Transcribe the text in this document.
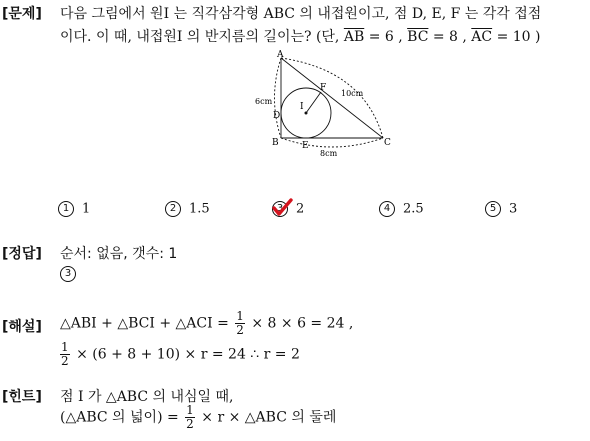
[문제] 다음 그림에서 원I 는 직각삼각형 ABC 의 내접원이고, 점 D, E, F 는 각각 접점
이다. 이 때, 내접원I 의 반지름의 길이는? (단, $\overline{AB} = 6$ , $\overline{BC} = 8$ , $\overline{AC} = 10$ )
A
B	C
D
E
F
I
6cm
10cm
8cm
1 1	2 1.5	3 2	4 2.5	5 3
[정답] 순서: 없음, 갯수: 1
3
[해설] △ABI + △BCI + △ACI = $\frac{1}{2} \times 8 \times 6 = 24$ ,
$\frac{1}{2} \times (6 + 8 + 10) \times r = 24$ ∴ r = 2
[힌트] 점 I 가 △ABC 의 내심일 때,
(△ABC 의 넓이) = $\frac{1}{2} \times r$ × △ABC 의 둘레
